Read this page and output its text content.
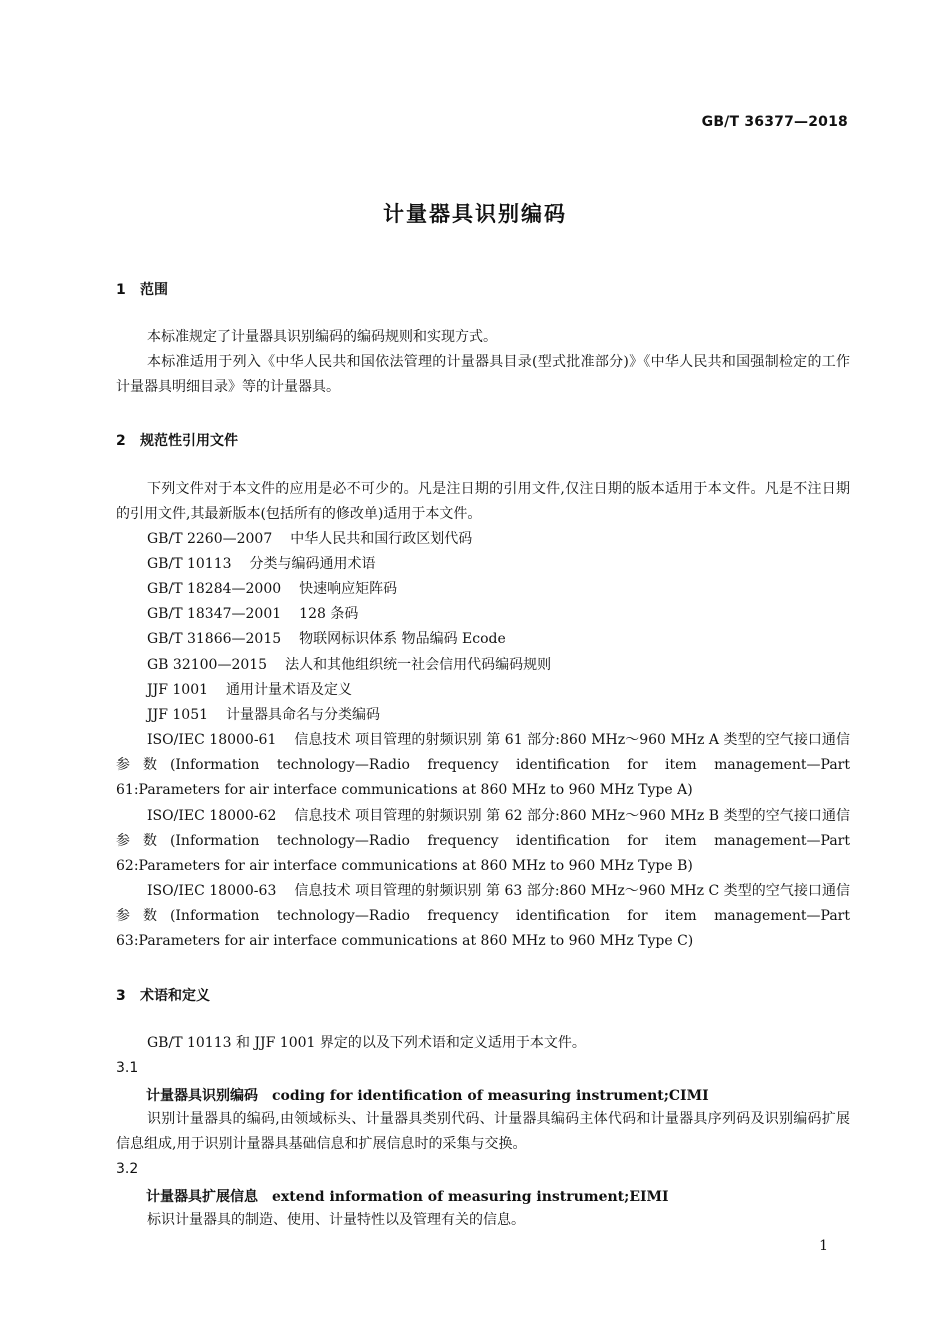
GB/T 36377—2018
计量器具识别编码
1 范围
本标准规定了计量器具识别编码的编码规则和实现方式。
本标准适用于列入《中华人民共和国依法管理的计量器具目录(型式批准部分)》《中华人民共和国强制检定的工作计量器具明细目录》等的计量器具。
2 规范性引用文件
下列文件对于本文件的应用是必不可少的。凡是注日期的引用文件,仅注日期的版本适用于本文件。凡是不注日期的引用文件,其最新版本(包括所有的修改单)适用于本文件。
GB/T 2260—2007 中华人民共和国行政区划代码
GB/T 10113 分类与编码通用术语
GB/T 18284—2000 快速响应矩阵码
GB/T 18347—2001 128 条码
GB/T 31866—2015 物联网标识体系 物品编码 Ecode
GB 32100—2015 法人和其他组织统一社会信用代码编码规则
JJF 1001 通用计量术语及定义
JJF 1051 计量器具命名与分类编码
ISO/IEC 18000-61 信息技术 项目管理的射频识别 第 61 部分:860 MHz～960 MHz A 类型的空气接口通信参数(Information technology—Radio frequency identification for item management—Part 61:Parameters for air interface communications at 860 MHz to 960 MHz Type A)
ISO/IEC 18000-62 信息技术 项目管理的射频识别 第 62 部分:860 MHz～960 MHz B 类型的空气接口通信参数(Information technology—Radio frequency identification for item management—Part 62:Parameters for air interface communications at 860 MHz to 960 MHz Type B)
ISO/IEC 18000-63 信息技术 项目管理的射频识别 第 63 部分:860 MHz～960 MHz C 类型的空气接口通信参数(Information technology—Radio frequency identification for item management—Part 63:Parameters for air interface communications at 860 MHz to 960 MHz Type C)
3 术语和定义
GB/T 10113 和 JJF 1001 界定的以及下列术语和定义适用于本文件。
3.1
计量器具识别编码 coding for identification of measuring instrument;CIMI
识别计量器具的编码,由领域标头、计量器具类别代码、计量器具编码主体代码和计量器具序列码及识别编码扩展信息组成,用于识别计量器具基础信息和扩展信息时的采集与交换。
3.2
计量器具扩展信息 extend information of measuring instrument;EIMI
标识计量器具的制造、使用、计量特性以及管理有关的信息。
1
